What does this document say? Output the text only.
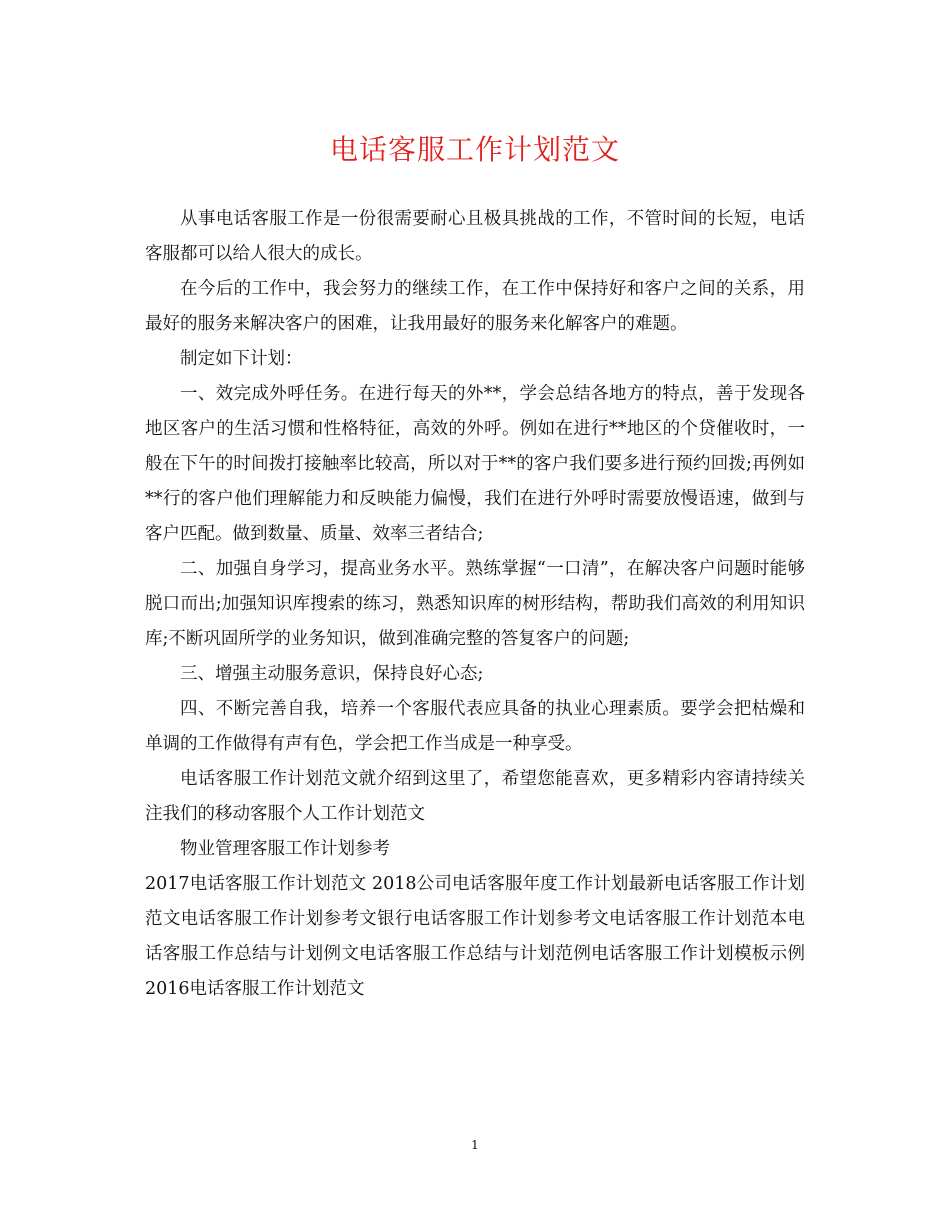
电话客服工作计划范文

从事电话客服工作是一份很需要耐心且极具挑战的工作，不管时间的长短，电话客服都可以给人很大的成长。

在今后的工作中，我会努力的继续工作，在工作中保持好和客户之间的关系，用最好的服务来解决客户的困难，让我用最好的服务来化解客户的难题。

制定如下计划：

一、效完成外呼任务。在进行每天的外**，学会总结各地方的特点，善于发现各地区客户的生活习惯和性格特征，高效的外呼。例如在进行**地区的个贷催收时，一般在下午的时间拨打接触率比较高，所以对于**的客户我们要多进行预约回拨;再例如**行的客户他们理解能力和反映能力偏慢，我们在进行外呼时需要放慢语速，做到与客户匹配。做到数量、质量、效率三者结合;

二、加强自身学习，提高业务水平。熟练掌握“一口清”，在解决客户问题时能够脱口而出;加强知识库搜索的练习，熟悉知识库的树形结构，帮助我们高效的利用知识库;不断巩固所学的业务知识，做到准确完整的答复客户的问题;

三、增强主动服务意识，保持良好心态;

四、不断完善自我，培养一个客服代表应具备的执业心理素质。要学会把枯燥和单调的工作做得有声有色，学会把工作当成是一种享受。

电话客服工作计划范文就介绍到这里了，希望您能喜欢，更多精彩内容请持续关注我们的移动客服个人工作计划范文

物业管理客服工作计划参考

2017电话客服工作计划范文 2018公司电话客服年度工作计划最新电话客服工作计划范文电话客服工作计划参考文银行电话客服工作计划参考文电话客服工作计划范本电话客服工作总结与计划例文电话客服工作总结与计划范例电话客服工作计划模板示例 2016电话客服工作计划范文

1
